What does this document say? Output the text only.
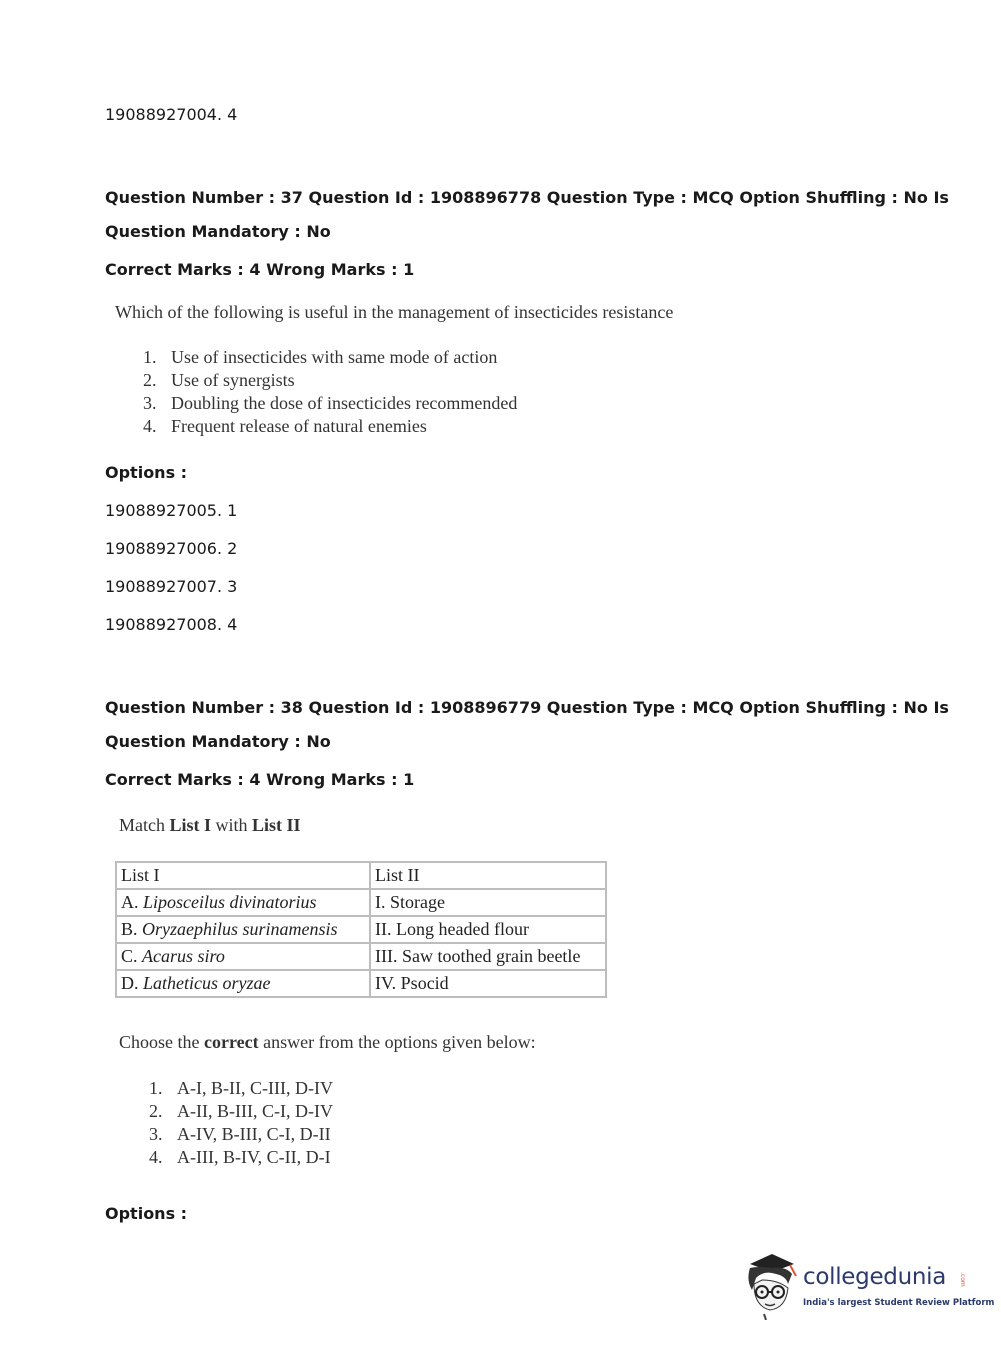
19088927004. 4
Question Number : 37 Question Id : 1908896778 Question Type : MCQ Option Shuffling : No Is
Question Mandatory : No
Correct Marks : 4 Wrong Marks : 1
Which of the following is useful in the management of insecticides resistance
1. Use of insecticides with same mode of action
2. Use of synergists
3. Doubling the dose of insecticides recommended
4. Frequent release of natural enemies
Options :
19088927005. 1
19088927006. 2
19088927007. 3
19088927008. 4
Question Number : 38 Question Id : 1908896779 Question Type : MCQ Option Shuffling : No Is
Question Mandatory : No
Correct Marks : 4 Wrong Marks : 1
Match List I with List II
List I	List II
A. Liposceilus divinatorius	I. Storage
B. Oryzaephilus surinamensis	II. Long headed flour
C. Acarus siro	III. Saw toothed grain beetle
D. Latheticus oryzae	IV. Psocid
Choose the correct answer from the options given below:
1. A-I, B-II, C-III, D-IV
2. A-II, B-III, C-I, D-IV
3. A-IV, B-III, C-I, D-II
4. A-III, B-IV, C-II, D-I
Options :
collegedunia .com
India's largest Student Review Platform
